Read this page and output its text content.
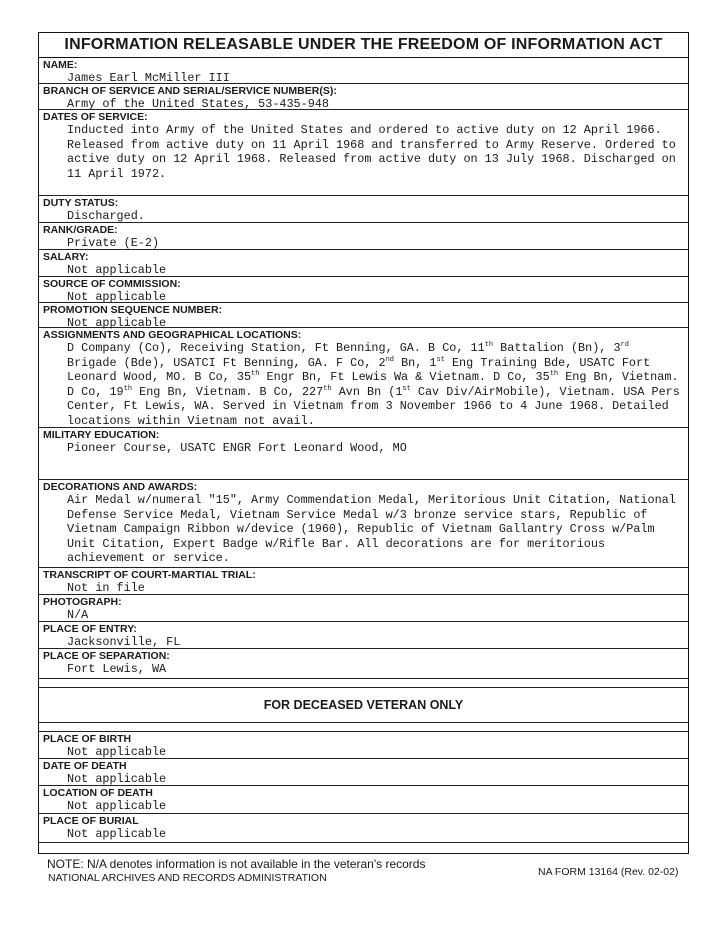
INFORMATION RELEASABLE UNDER THE FREEDOM OF INFORMATION ACT
NAME:
James Earl McMiller III
BRANCH OF SERVICE AND SERIAL/SERVICE NUMBER(S):
Army of the United States, 53-435-948
DATES OF SERVICE:
Inducted into Army of the United States and ordered to active duty on 12 April 1966. Released from active duty on 11 April 1968 and transferred to Army Reserve. Ordered to active duty on 12 April 1968. Released from active duty on 13 July 1968. Discharged on 11 April 1972.
DUTY STATUS:
Discharged.
RANK/GRADE:
Private (E-2)
SALARY:
Not applicable
SOURCE OF COMMISSION:
Not applicable
PROMOTION SEQUENCE NUMBER:
Not applicable
ASSIGNMENTS AND GEOGRAPHICAL LOCATIONS:
D Company (Co), Receiving Station, Ft Benning, GA. B Co, 11th Battalion (Bn), 3rd Brigade (Bde), USATCI Ft Benning, GA. F Co, 2nd Bn, 1st Eng Training Bde, USATC Fort Leonard Wood, MO. B Co, 35th Engr Bn, Ft Lewis Wa & Vietnam. D Co, 35th Eng Bn, Vietnam. D Co, 19th Eng Bn, Vietnam. B Co, 227th Avn Bn (1st Cav Div/AirMobile), Vietnam. USA Pers Center, Ft Lewis, WA. Served in Vietnam from 3 November 1966 to 4 June 1968. Detailed locations within Vietnam not avail.
MILITARY EDUCATION:
Pioneer Course, USATC ENGR Fort Leonard Wood, MO
DECORATIONS AND AWARDS:
Air Medal w/numeral "15", Army Commendation Medal, Meritorious Unit Citation, National Defense Service Medal, Vietnam Service Medal w/3 bronze service stars, Republic of Vietnam Campaign Ribbon w/device (1960), Republic of Vietnam Gallantry Cross w/Palm Unit Citation, Expert Badge w/Rifle Bar. All decorations are for meritorious achievement or service.
TRANSCRIPT OF COURT-MARTIAL TRIAL:
Not in file
PHOTOGRAPH:
N/A
PLACE OF ENTRY:
Jacksonville, FL
PLACE OF SEPARATION:
Fort Lewis, WA
FOR DECEASED VETERAN ONLY
PLACE OF BIRTH
Not applicable
DATE OF DEATH
Not applicable
LOCATION OF DEATH
Not applicable
PLACE OF BURIAL
Not applicable
NOTE: N/A denotes information is not available in the veteran's records
NATIONAL ARCHIVES AND RECORDS ADMINISTRATION	NA FORM 13164 (Rev. 02-02)
